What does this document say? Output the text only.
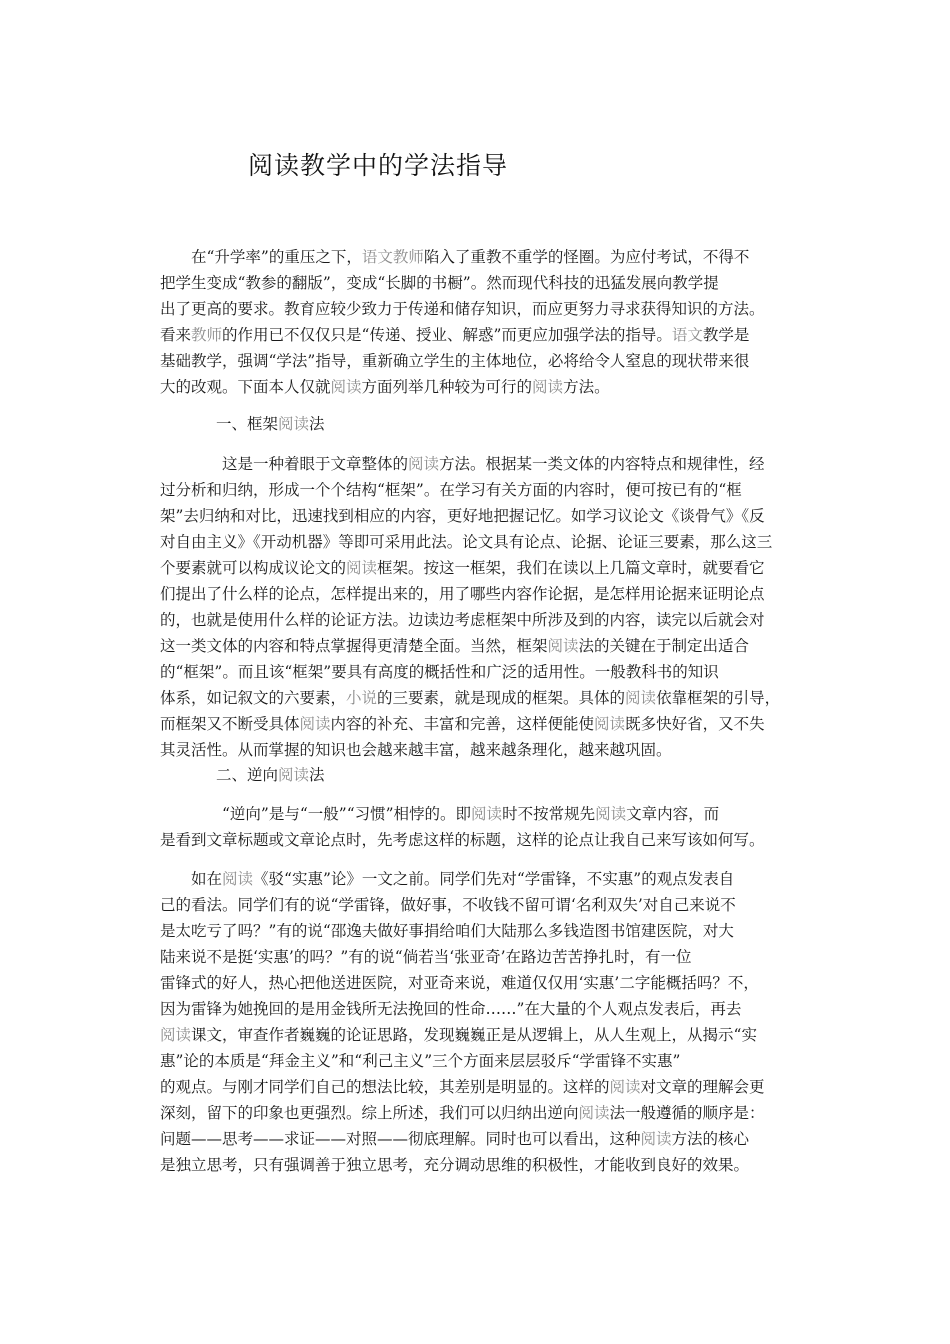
阅读教学中的学法指导
　　在“升学率”的重压之下，语文教师陷入了重教不重学的怪圈。为应付考试，不得不
把学生变成“教参的翻版”，变成“长脚的书橱”。然而现代科技的迅猛发展向教学提
出了更高的要求。教育应较少致力于传递和储存知识，而应更努力寻求获得知识的方法。
看来教师的作用已不仅仅只是“传递、授业、解惑”而更应加强学法的指导。语文教学是
基础教学，强调“学法”指导，重新确立学生的主体地位，必将给令人窒息的现状带来很
大的改观。下面本人仅就阅读方面列举几种较为可行的阅读方法。
一、框架阅读法
　　　　这是一种着眼于文章整体的阅读方法。根据某一类文体的内容特点和规律性，经
过分析和归纳，形成一个个结构“框架”。在学习有关方面的内容时，便可按已有的“框
架”去归纳和对比，迅速找到相应的内容，更好地把握记忆。如学习议论文《谈骨气》《反
对自由主义》《开动机器》等即可采用此法。论文具有论点、论据、论证三要素，那么这三
个要素就可以构成议论文的阅读框架。按这一框架，我们在读以上几篇文章时，就要看它
们提出了什么样的论点，怎样提出来的，用了哪些内容作论据，是怎样用论据来证明论点
的，也就是使用什么样的论证方法。边读边考虑框架中所涉及到的内容，读完以后就会对
这一类文体的内容和特点掌握得更清楚全面。当然，框架阅读法的关键在于制定出适合
的“框架”。而且该“框架”要具有高度的概括性和广泛的适用性。一般教科书的知识
体系，如记叙文的六要素，小说的三要素，就是现成的框架。具体的阅读依靠框架的引导，
而框架又不断受具体阅读内容的补充、丰富和完善，这样便能使阅读既多快好省，又不失
其灵活性。从而掌握的知识也会越来越丰富，越来越条理化，越来越巩固。
二、逆向阅读法
　　　　“逆向”是与“一般”“习惯”相悖的。即阅读时不按常规先阅读文章内容，而
是看到文章标题或文章论点时，先考虑这样的标题，这样的论点让我自己来写该如何写。
　　如在阅读《驳“实惠”论》一文之前。同学们先对“学雷锋，不实惠”的观点发表自
己的看法。同学们有的说“学雷锋，做好事，不收钱不留可谓‘名利双失’对自己来说不
是太吃亏了吗？”有的说“邵逸夫做好事捐给咱们大陆那么多钱造图书馆建医院，对大
陆来说不是挺‘实惠’的吗？”有的说“倘若当‘张亚奇’在路边苦苦挣扎时，有一位
雷锋式的好人，热心把他送进医院，对亚奇来说，难道仅仅用‘实惠’二字能概括吗？不，
因为雷锋为她挽回的是用金钱所无法挽回的性命……”在大量的个人观点发表后，再去
阅读课文，审查作者巍巍的论证思路，发现巍巍正是从逻辑上，从人生观上，从揭示“实
惠”论的本质是“拜金主义”和“利己主义”三个方面来层层驳斥“学雷锋不实惠”
的观点。与刚才同学们自己的想法比较，其差别是明显的。这样的阅读对文章的理解会更
深刻，留下的印象也更强烈。综上所述，我们可以归纳出逆向阅读法一般遵循的顺序是：
问题——思考——求证——对照——彻底理解。同时也可以看出，这种阅读方法的核心
是独立思考，只有强调善于独立思考，充分调动思维的积极性，才能收到良好的效果。
